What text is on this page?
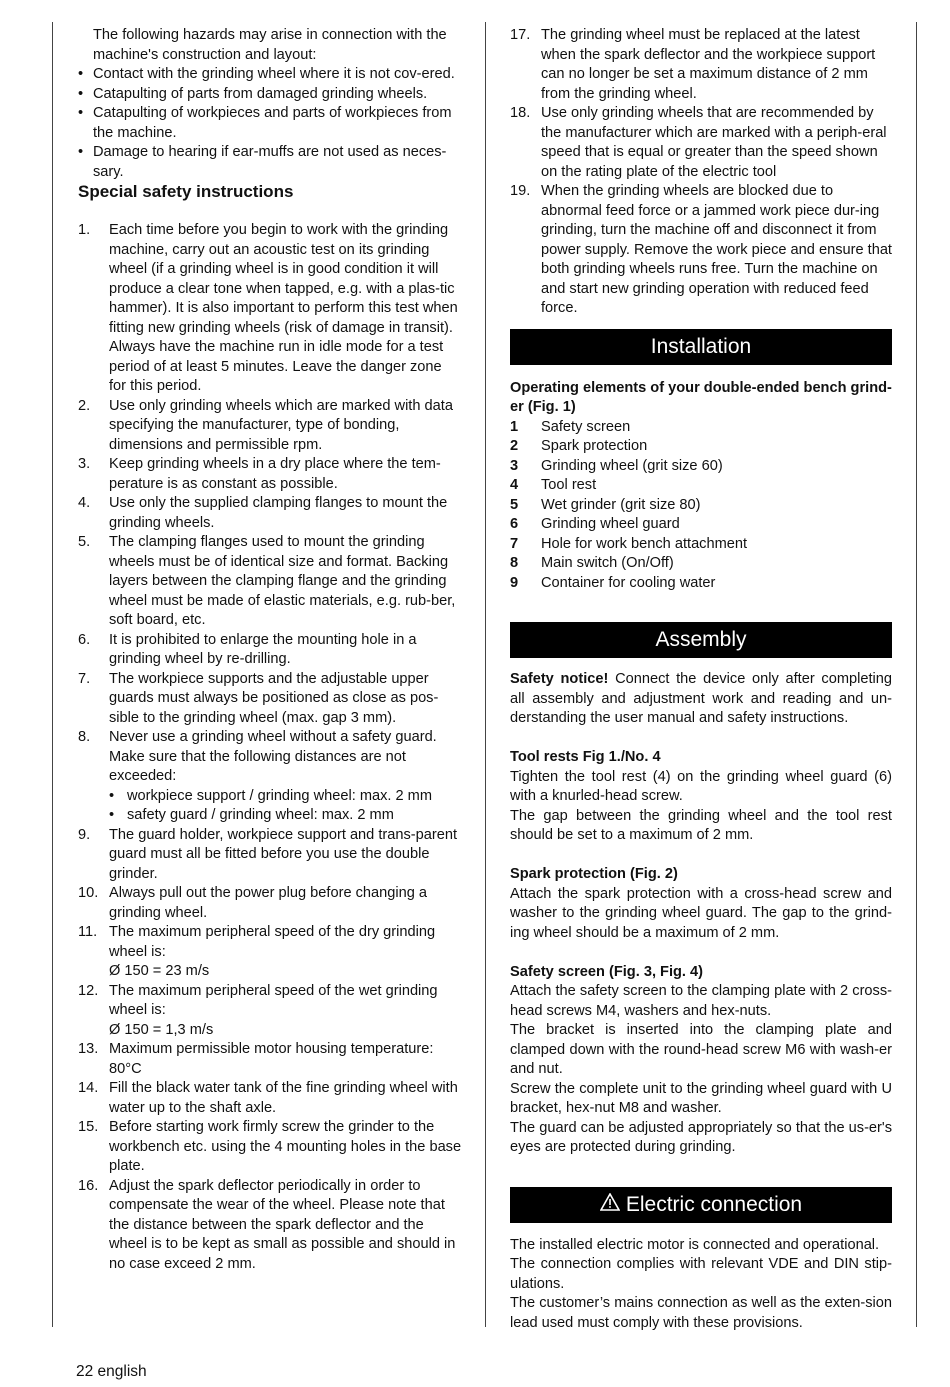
The following hazards may arise in connection with the machine's construction and layout:

• Contact with the grinding wheel where it is not cov-ered.
• Catapulting of parts from damaged grinding wheels.
• Catapulting of workpieces and parts of workpieces from the machine.
• Damage to hearing if ear-muffs are not used as neces-sary.
Special safety instructions
1. Each time before you begin to work with the grinding machine, carry out an acoustic test on its grinding wheel (if a grinding wheel is in good condition it will produce a clear tone when tapped, e.g. with a plas-tic hammer). It is also important to perform this test when fitting new grinding wheels (risk of damage in transit). Always have the machine run in idle mode for a test period of at least 5 minutes. Leave the danger zone for this period.
2. Use only grinding wheels which are marked with data specifying the manufacturer, type of bonding, dimensions and permissible rpm.
3. Keep grinding wheels in a dry place where the tem-perature is as constant as possible.
4. Use only the supplied clamping flanges to mount the grinding wheels.
5. The clamping flanges used to mount the grinding wheels must be of identical size and format. Backing layers between the clamping flange and the grinding wheel must be made of elastic materials, e.g. rub-ber, soft board, etc.
6. It is prohibited to enlarge the mounting hole in a grinding wheel by re-drilling.
7. The workpiece supports and the adjustable upper guards must always be positioned as close as pos-sible to the grinding wheel (max. gap 3 mm).
8. Never use a grinding wheel without a safety guard. Make sure that the following distances are not exceeded:
• workpiece support / grinding wheel: max. 2 mm
• safety guard / grinding wheel: max. 2 mm
9. The guard holder, workpiece support and trans-parent guard must all be fitted before you use the double grinder.
10. Always pull out the power plug before changing a grinding wheel.
11. The maximum peripheral speed of the dry grinding wheel is:
Ø 150 = 23 m/s
12. The maximum peripheral speed of the wet grinding wheel is:
Ø 150 = 1,3 m/s
13. Maximum permissible motor housing temperature: 80°C
14. Fill the black water tank of the fine grinding wheel with water up to the shaft axle.
15. Before starting work firmly screw the grinder to the workbench etc. using the 4 mounting holes in the base plate.
16. Adjust the spark deflector periodically in order to compensate the wear of the wheel. Please note that the distance between the spark deflector and the wheel is to be kept as small as possible and should in no case exceed 2 mm.
17. The grinding wheel must be replaced at the latest when the spark deflector and the workpiece support can no longer be set a maximum distance of 2 mm from the grinding wheel.
18. Use only grinding wheels that are recommended by the manufacturer which are marked with a periph-eral speed that is equal or greater than the speed shown on the rating plate of the electric tool
19. When the grinding wheels are blocked due to abnormal feed force or a jammed work piece dur-ing grinding, turn the machine off and disconnect it from power supply. Remove the work piece and ensure that both grinding wheels runs free. Turn the machine on and start new grinding operation with reduced feed force.
Installation

Operating elements of your double-ended bench grind-er (Fig. 1)

1 Safety screen
2 Spark protection
3 Grinding wheel (grit size 60)
4 Tool rest
5 Wet grinder (grit size 80)
6 Grinding wheel guard
7 Hole for work bench attachment
8 Main switch (On/Off)
9 Container for cooling water
Assembly

Safety notice! Connect the device only after completing all assembly and adjustment work and reading and un-derstanding the user manual and safety instructions.

Tool rests Fig 1./No. 4

Tighten the tool rest (4) on the grinding wheel guard (6) with a knurled-head screw.

The gap between the grinding wheel and the tool rest should be set to a maximum of 2 mm.

Spark protection (Fig. 2)

Attach the spark protection with a cross-head screw and washer to the grinding wheel guard. The gap to the grind-ing wheel should be a maximum of 2 mm.

Safety screen (Fig. 3, Fig. 4)

Attach the safety screen to the clamping plate with 2 cross-head screws M4, washers and hex-nuts.

The bracket is inserted into the clamping plate and clamped down with the round-head screw M6 with wash-er and nut.

Screw the complete unit to the grinding wheel guard with U bracket, hex-nut M8 and washer.

The guard can be adjusted appropriately so that the us-er's eyes are protected during grinding.

Electric connection

The installed electric motor is connected and operational.

The connection complies with relevant VDE and DIN stip-ulations.

The customer’s mains connection as well as the exten-sion lead used must comply with these provisions.

22 english
